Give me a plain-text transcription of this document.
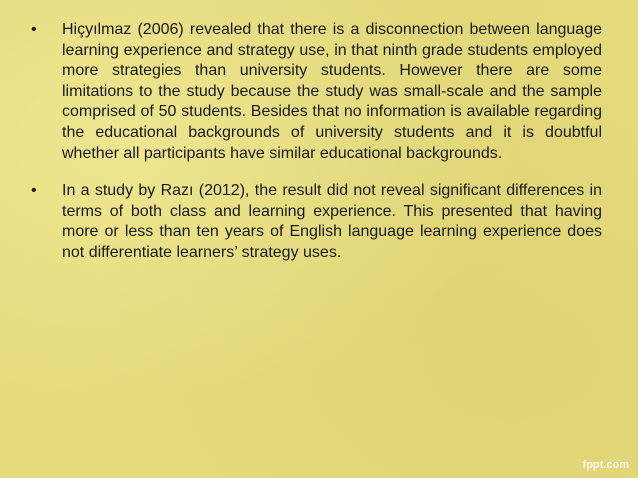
•	Hiçyılmaz (2006) revealed that there is a disconnection between language learning experience and strategy use, in that ninth grade students employed more strategies than university students. However there are some limitations to the study because the study was small-scale and the sample comprised of 50 students. Besides that no information is available regarding the educational backgrounds of university students and it is doubtful whether all participants have similar educational backgrounds.
•	In a study by Razı (2012), the result did not reveal significant differences in terms of both class and learning experience. This presented that having more or less than ten years of English language learning experience does not differentiate learners’ strategy uses.
fppt.com
